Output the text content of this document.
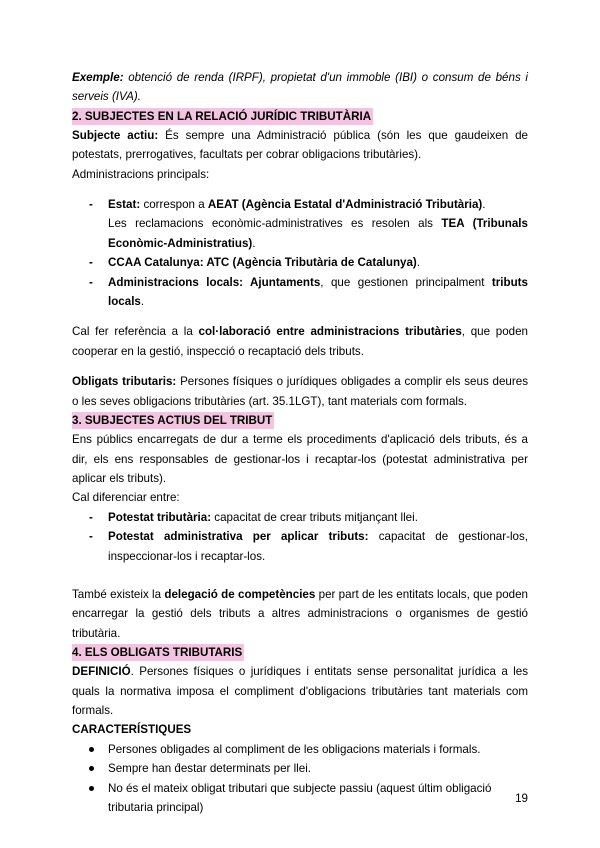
Exemple: obtenció de renda (IRPF), propietat d'un immoble (IBI) o consum de béns i serveis (IVA).

2. SUBJECTES EN LA RELACIÓ JURÍDIC TRIBUTÀRIA

Subjecte actiu: És sempre una Administració pública (són les que gaudeixen de potestats, prerrogatives, facultats per cobrar obligacions tributàries).

Administracions principals:

- Estat: correspon a AEAT (Agència Estatal d'Administració Tributària).
Les reclamacions econòmic-administratives es resolen als TEA (Tribunals Econòmic-Administratius).
- CCAA Catalunya: ATC (Agència Tributària de Catalunya).
- Administracions locals: Ajuntaments, que gestionen principalment tributs locals.

Cal fer referència a la col·laboració entre administracions tributàries, que poden cooperar en la gestió, inspecció o recaptació dels tributs.

Obligats tributaris: Persones físiques o jurídiques obligades a complir els seus deures o les seves obligacions tributàries (art. 35.1LGT), tant materials com formals.

3. SUBJECTES ACTIUS DEL TRIBUT

Ens públics encarregats de dur a terme els procediments d'aplicació dels tributs, és a dir, els ens responsables de gestionar-los i recaptar-los (potestat administrativa per aplicar els tributs).

Cal diferenciar entre:

- Potestat tributària: capacitat de crear tributs mitjançant llei.
- Potestat administrativa per aplicar tributs: capacitat de gestionar-los, inspeccionar-los i recaptar-los.

També existeix la delegació de competències per part de les entitats locals, que poden encarregar la gestió dels tributs a altres administracions o organismes de gestió tributària.

4. ELS OBLIGATS TRIBUTARIS

DEFINICIÓ. Persones físiques o jurídiques i entitats sense personalitat jurídica a les quals la normativa imposa el compliment d'obligacions tributàries tant materials com formals.

CARACTERÍSTIQUES

Persones obligades al compliment de les obligacions materials i formals.
Sempre han d́estar determinats per llei.
No és el mateix obligat tributari que subjecte passiu (aquest últim obligació tributaria principal)
19
